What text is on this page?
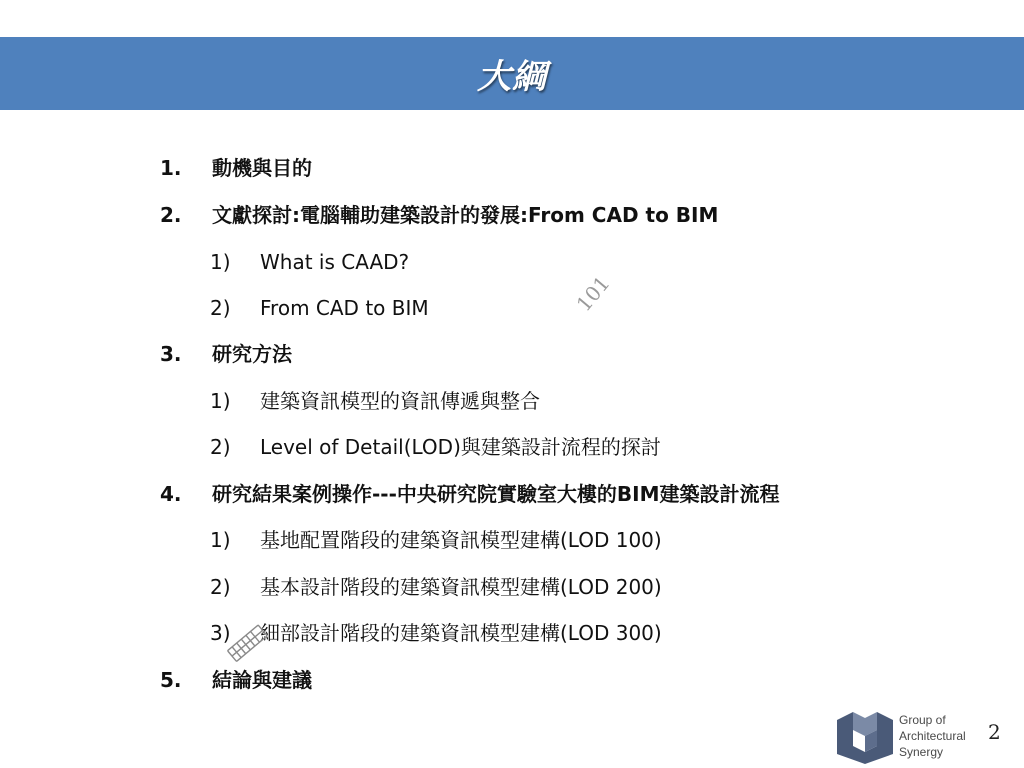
大綱
1. 動機與目的
2. 文獻探討:電腦輔助建築設計的發展:From CAD to BIM
1) What is CAAD?
2) From CAD to BIM
3. 研究方法
1) 建築資訊模型的資訊傳遞與整合
2) Level of Detail(LOD)與建築設計流程的探討
4. 研究結果案例操作---中央研究院實驗室大樓的BIM建築設計流程
1) 基地配置階段的建築資訊模型建構(LOD 100)
2) 基本設計階段的建築資訊模型建構(LOD 200)
3) 細部設計階段的建築資訊模型建構(LOD 300)
5. 結論與建議
101
Group of
Architectural
Synergy
2
